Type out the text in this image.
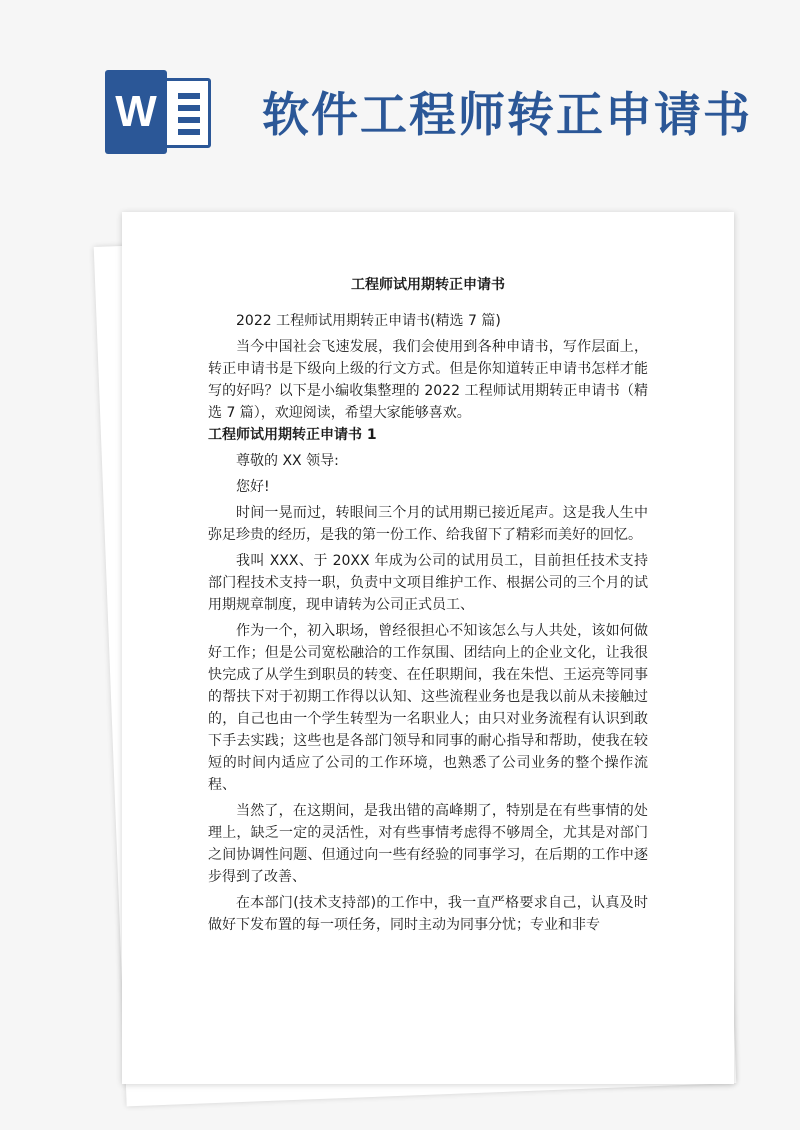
W 软件工程师转正申请书
工程师试用期转正申请书

2022 工程师试用期转正申请书(精选 7 篇)

当今中国社会飞速发展，我们会使用到各种申请书，写作层面上，转正申请书是下级向上级的行文方式。但是你知道转正申请书怎样才能写的好吗？以下是小编收集整理的 2022 工程师试用期转正申请书（精选 7 篇），欢迎阅读，希望大家能够喜欢。

工程师试用期转正申请书 1

尊敬的 XX 领导:

您好!

时间一晃而过，转眼间三个月的试用期已接近尾声。这是我人生中弥足珍贵的经历，是我的第一份工作、给我留下了精彩而美好的回忆。

我叫 XXX、于 20XX 年成为公司的试用员工，目前担任技术支持部门程技术支持一职，负责中文项目维护工作、根据公司的三个月的试用期规章制度，现申请转为公司正式员工、

作为一个，初入职场，曾经很担心不知该怎么与人共处，该如何做好工作；但是公司宽松融洽的工作氛围、团结向上的企业文化，让我很快完成了从学生到职员的转变、在任职期间，我在朱恺、王运亮等同事的帮扶下对于初期工作得以认知、这些流程业务也是我以前从未接触过的，自己也由一个学生转型为一名职业人；由只对业务流程有认识到敢下手去实践；这些也是各部门领导和同事的耐心指导和帮助，使我在较短的时间内适应了公司的工作环境，也熟悉了公司业务的整个操作流程、

当然了，在这期间，是我出错的高峰期了，特别是在有些事情的处理上，缺乏一定的灵活性，对有些事情考虑得不够周全，尤其是对部门之间协调性问题、但通过向一些有经验的同事学习，在后期的工作中逐步得到了改善、

在本部门(技术支持部)的工作中，我一直严格要求自己，认真及时做好下发布置的每一项任务，同时主动为同事分忧；专业和非专
